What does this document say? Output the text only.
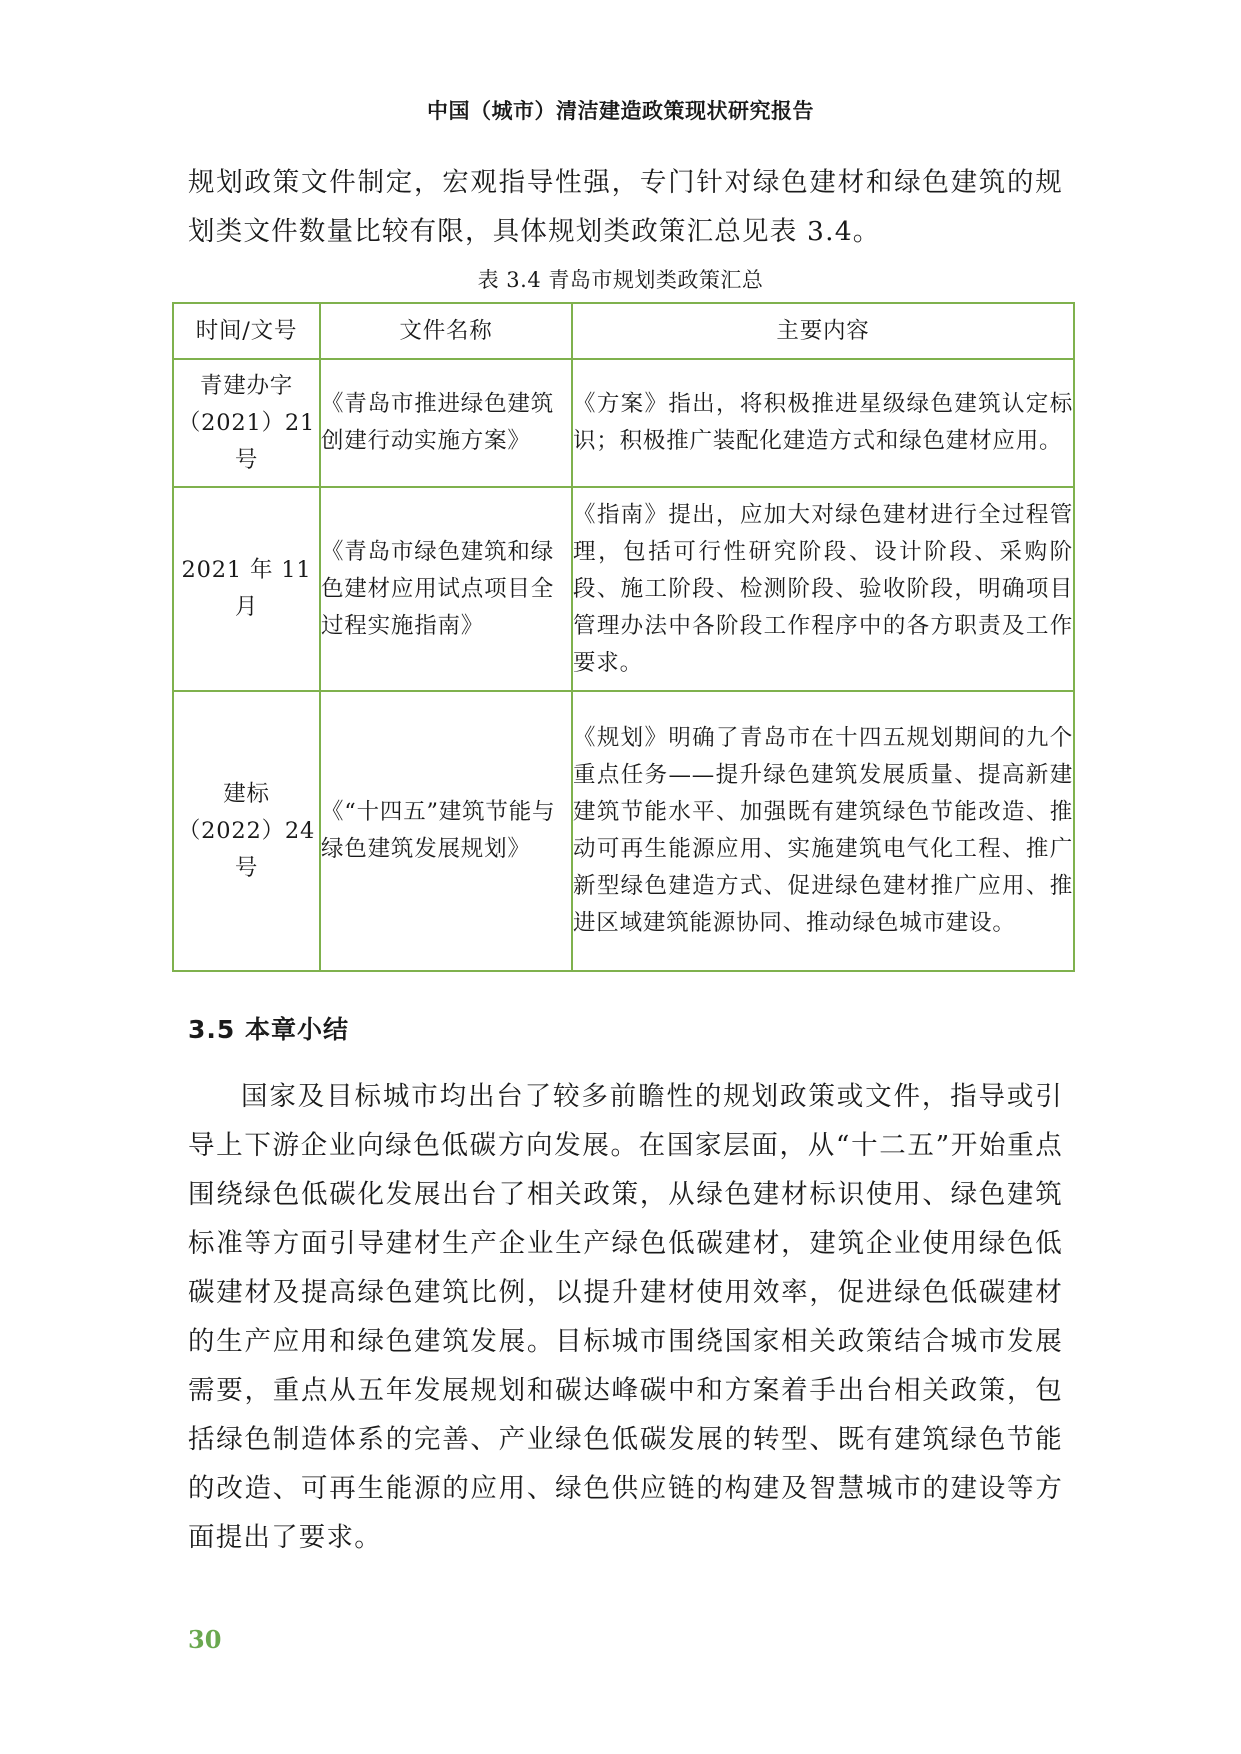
中国（城市）清洁建造政策现状研究报告

规划政策文件制定，宏观指导性强，专门针对绿色建材和绿色建筑的规划类文件数量比较有限，具体规划类政策汇总见表 3.4。

表 3.4 青岛市规划类政策汇总
时间/文号	文件名称	主要内容

青建办字（2021）21 号	《青岛市推进绿色建筑创建行动实施方案》	《方案》指出，将积极推进星级绿色建筑认定标识；积极推广装配化建造方式和绿色建材应用。

2021 年 11 月	《青岛市绿色建筑和绿色建材应用试点项目全过程实施指南》	《指南》提出，应加大对绿色建材进行全过程管理，包括可行性研究阶段、设计阶段、采购阶段、施工阶段、检测阶段、验收阶段，明确项目管理办法中各阶段工作程序中的各方职责及工作要求。

建标（2022）24 号	《“十四五”建筑节能与绿色建筑发展规划》	《规划》明确了青岛市在十四五规划期间的九个重点任务——提升绿色建筑发展质量、提高新建建筑节能水平、加强既有建筑绿色节能改造、推动可再生能源应用、实施建筑电气化工程、推广新型绿色建造方式、促进绿色建材推广应用、推进区域建筑能源协同、推动绿色城市建设。
3.5 本章小结

国家及目标城市均出台了较多前瞻性的规划政策或文件，指导或引导上下游企业向绿色低碳方向发展。在国家层面，从“十二五”开始重点围绕绿色低碳化发展出台了相关政策，从绿色建材标识使用、绿色建筑标准等方面引导建材生产企业生产绿色低碳建材，建筑企业使用绿色低碳建材及提高绿色建筑比例，以提升建材使用效率，促进绿色低碳建材的生产应用和绿色建筑发展。目标城市围绕国家相关政策结合城市发展需要，重点从五年发展规划和碳达峰碳中和方案着手出台相关政策，包括绿色制造体系的完善、产业绿色低碳发展的转型、既有建筑绿色节能的改造、可再生能源的应用、绿色供应链的构建及智慧城市的建设等方面提出了要求。

30
